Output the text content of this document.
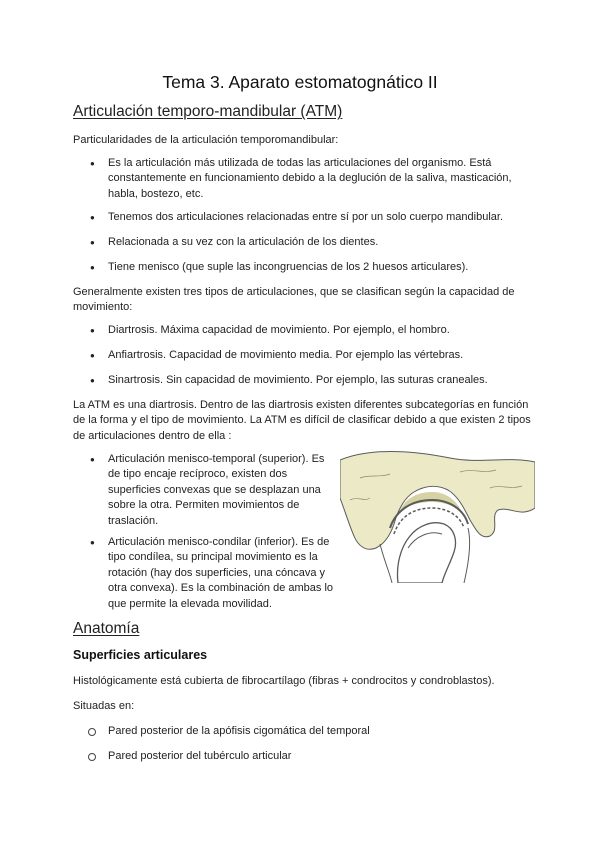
Tema 3. Aparato estomatognático II
Articulación temporo-mandibular (ATM)
Particularidades de la articulación temporomandibular:
● Es la articulación más utilizada de todas las articulaciones del organismo. Está constantemente en funcionamiento debido a la deglución de la saliva, masticación, habla, bostezo, etc.
● Tenemos dos articulaciones relacionadas entre sí por un solo cuerpo mandibular.
● Relacionada a su vez con la articulación de los dientes.
● Tiene menisco (que suple las incongruencias de los 2 huesos articulares).
Generalmente existen tres tipos de articulaciones, que se clasifican según la capacidad de movimiento:
● Diartrosis. Máxima capacidad de movimiento. Por ejemplo, el hombro.
● Anfiartrosis. Capacidad de movimiento media. Por ejemplo las vértebras.
● Sinartrosis. Sin capacidad de movimiento. Por ejemplo, las suturas craneales.
La ATM es una diartrosis. Dentro de las diartrosis existen diferentes subcategorías en función de la forma y el tipo de movimiento. La ATM es difícil de clasificar debido a que existen 2 tipos de articulaciones dentro de ella :
● Articulación menisco-temporal (superior). Es de tipo encaje recíproco, existen dos superficies convexas que se desplazan una sobre la otra. Permiten movimientos de traslación.
● Articulación menisco-condilar (inferior). Es de tipo condílea, su principal movimiento es la rotación (hay dos superficies, una cóncava y otra convexa). Es la combinación de ambas lo que permite la elevada movilidad.
Anatomía
Superficies articulares
Histológicamente está cubierta de fibrocartílago (fibras + condrocitos y condroblastos).
Situadas en:
Pared posterior de la apófisis cigomática del temporal
Pared posterior del tubérculo articular
